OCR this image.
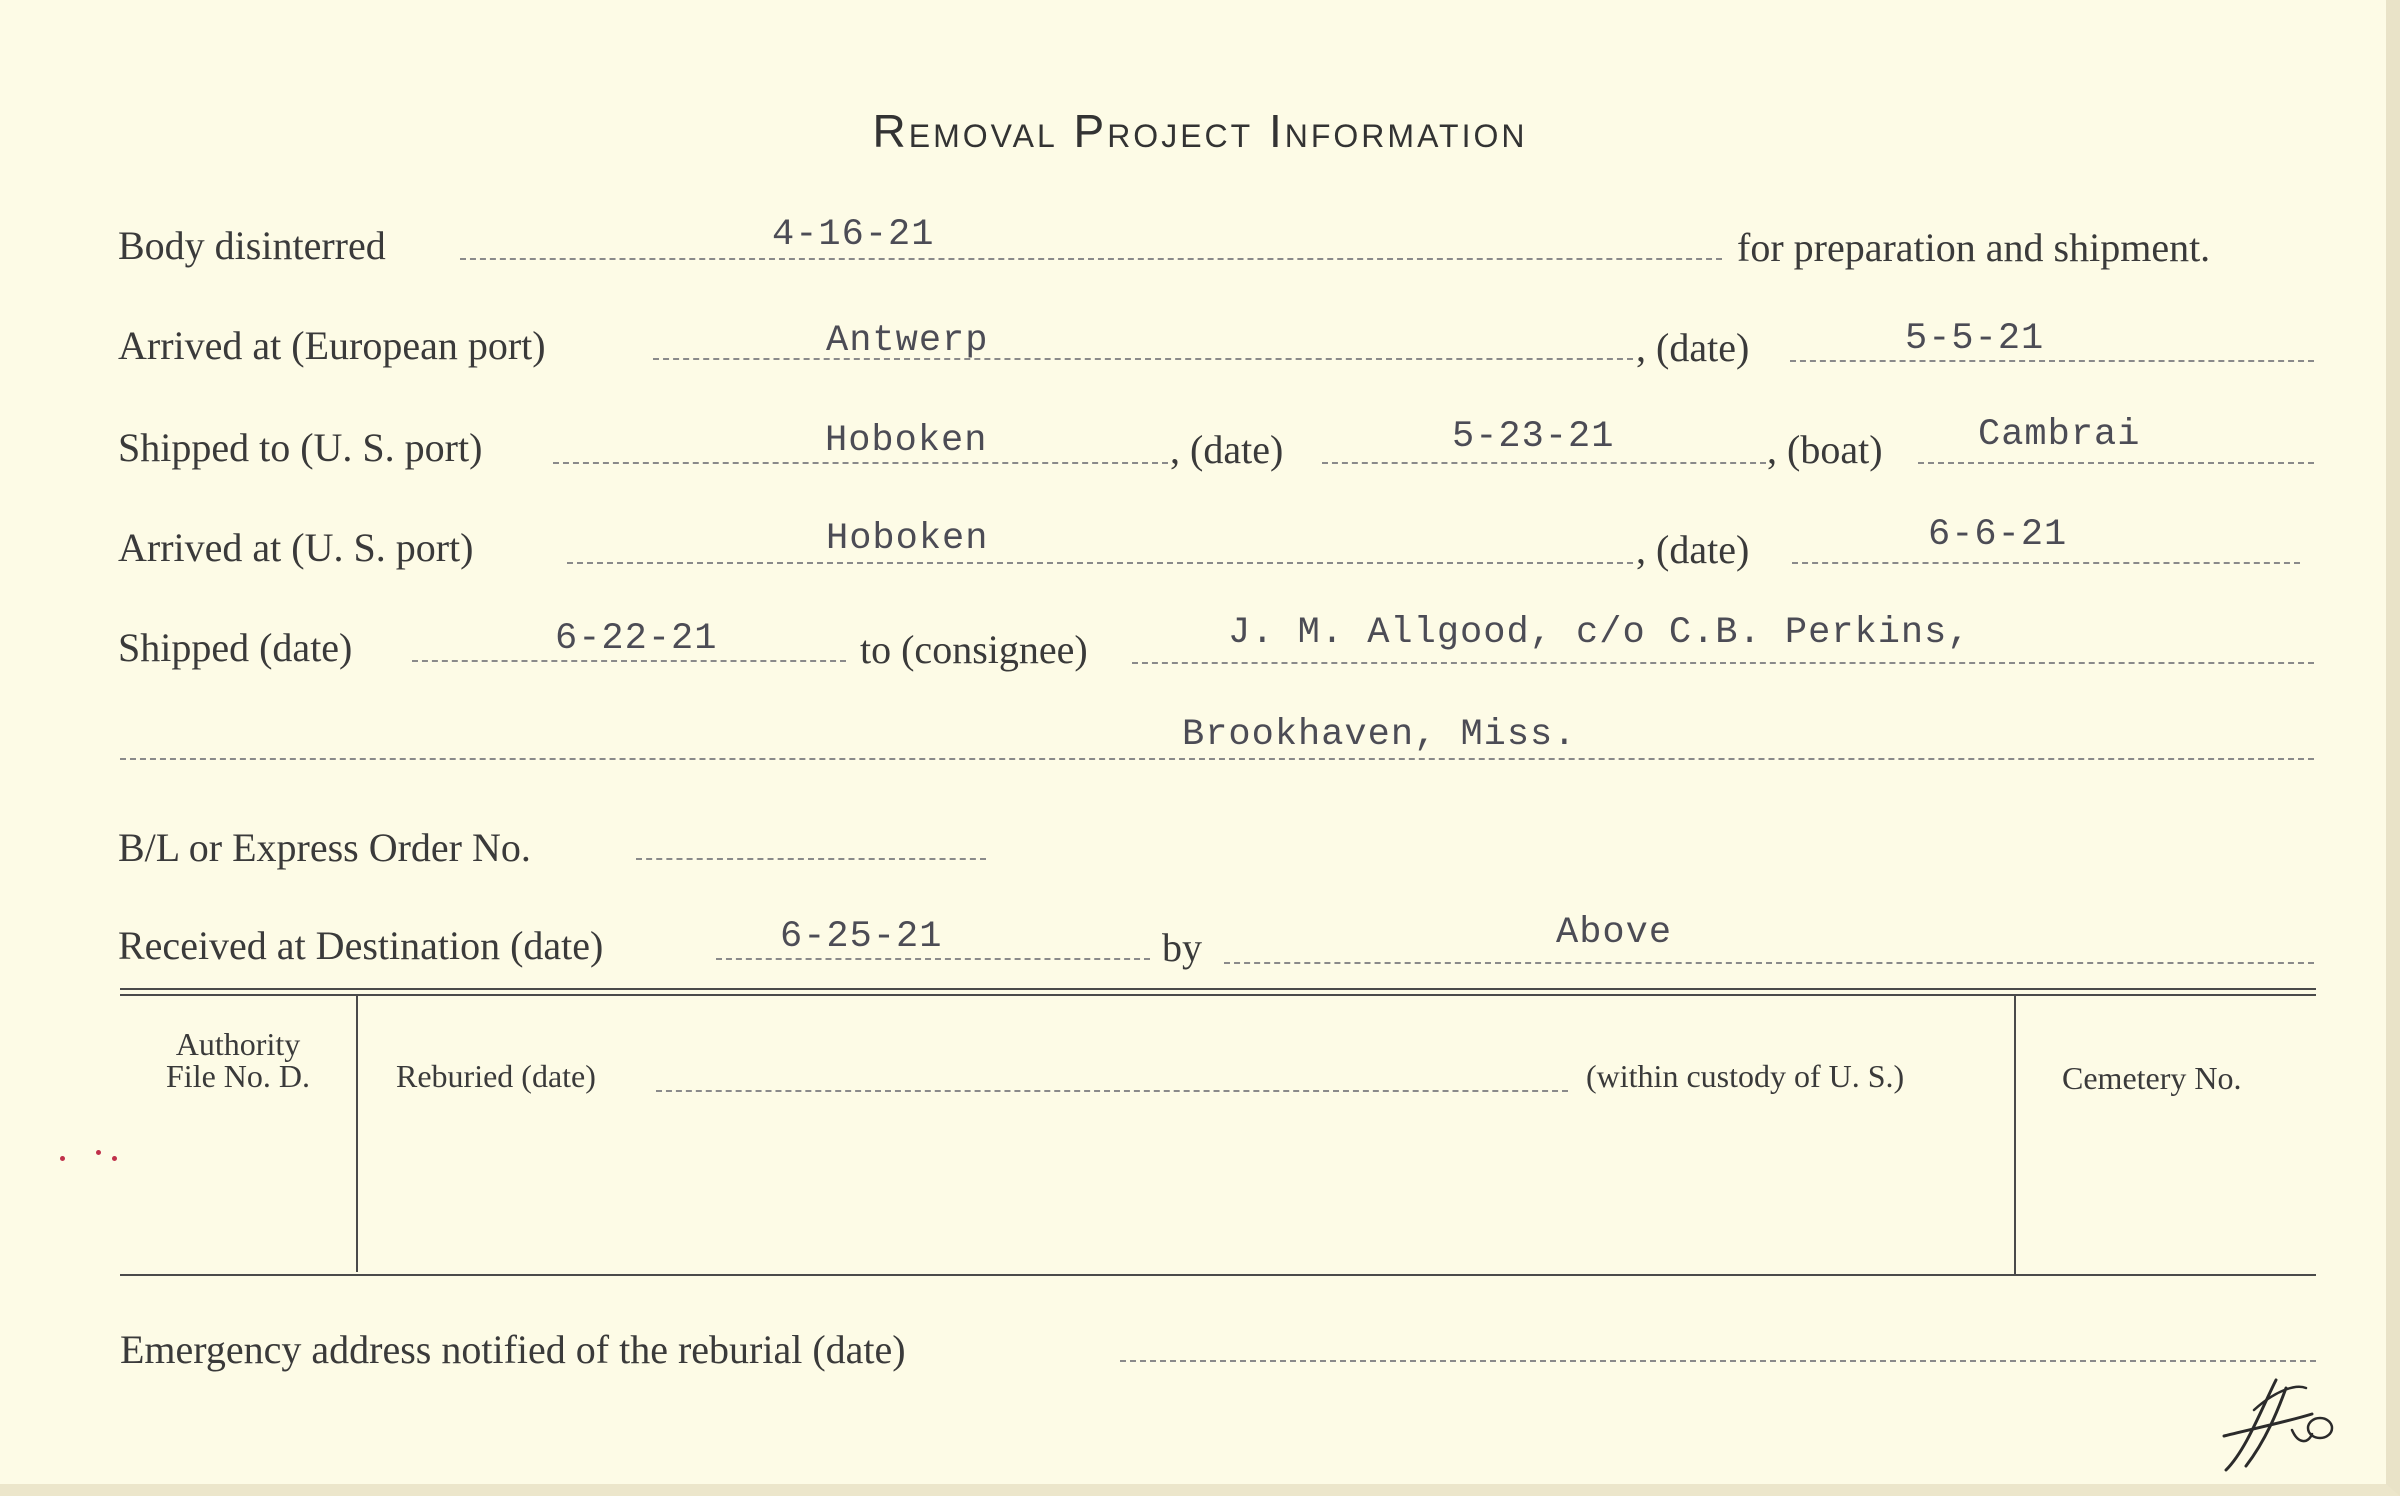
Removal Project Information
Body disinterred	4-16-21	for preparation and shipment.
Arrived at (European port)	Antwerp	, (date)	5-5-21
Shipped to (U. S. port)	Hoboken	, (date)	5-23-21	, (boat)	Cambrai
Arrived at (U. S. port)	Hoboken	, (date)	6-6-21
Shipped (date)	6-22-21	to (consignee)	J. M. Allgood, c/o C.B. Perkins,
Brookhaven, Miss.
B/L or Express Order No.
Received at Destination (date)	6-25-21	by	Above
Authority
File No. D.	Reburied (date)	(within custody of U. S.)	Cemetery No.
Emergency address notified of the reburial (date)
